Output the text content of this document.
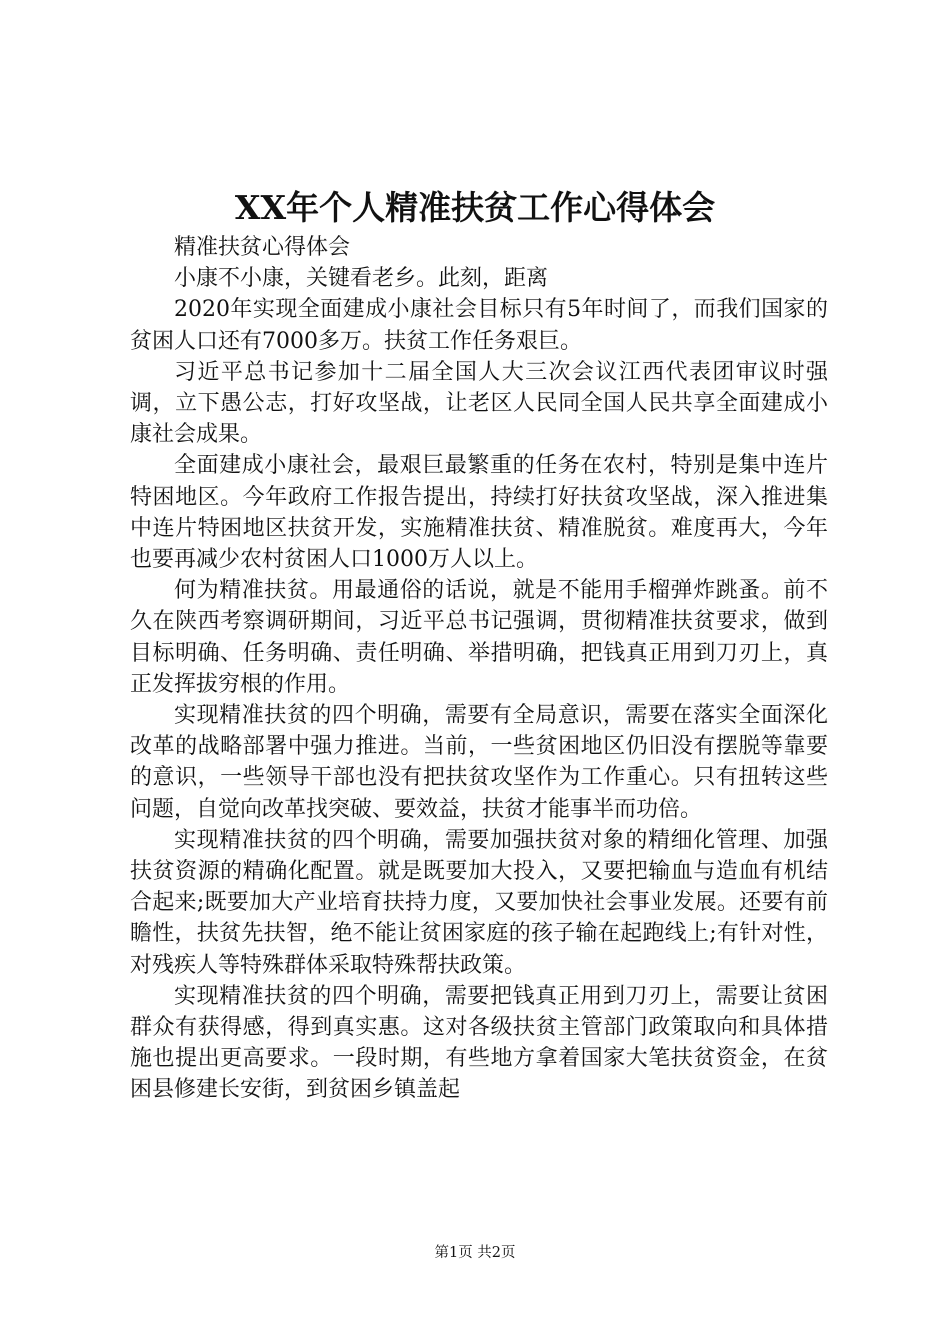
XX年个人精准扶贫工作心得体会

精准扶贫心得体会

小康不小康，关键看老乡。此刻，距离

2020年实现全面建成小康社会目标只有5年时间了，而我们国家的贫困人口还有7000多万。扶贫工作任务艰巨。

习近平总书记参加十二届全国人大三次会议江西代表团审议时强调，立下愚公志，打好攻坚战，让老区人民同全国人民共享全面建成小康社会成果。

全面建成小康社会，最艰巨最繁重的任务在农村，特别是集中连片特困地区。今年政府工作报告提出，持续打好扶贫攻坚战，深入推进集中连片特困地区扶贫开发，实施精准扶贫、精准脱贫。难度再大，今年也要再减少农村贫困人口1000万人以上。

何为精准扶贫。用最通俗的话说，就是不能用手榴弹炸跳蚤。前不久在陕西考察调研期间，习近平总书记强调，贯彻精准扶贫要求，做到目标明确、任务明确、责任明确、举措明确，把钱真正用到刀刃上，真正发挥拔穷根的作用。

实现精准扶贫的四个明确，需要有全局意识，需要在落实全面深化改革的战略部署中强力推进。当前，一些贫困地区仍旧没有摆脱等靠要的意识，一些领导干部也没有把扶贫攻坚作为工作重心。只有扭转这些问题，自觉向改革找突破、要效益，扶贫才能事半而功倍。

实现精准扶贫的四个明确，需要加强扶贫对象的精细化管理、加强扶贫资源的精确化配置。就是既要加大投入，又要把输血与造血有机结合起来;既要加大产业培育扶持力度，又要加快社会事业发展。还要有前瞻性，扶贫先扶智，绝不能让贫困家庭的孩子输在起跑线上;有针对性，对残疾人等特殊群体采取特殊帮扶政策。

实现精准扶贫的四个明确，需要把钱真正用到刀刃上，需要让贫困群众有获得感，得到真实惠。这对各级扶贫主管部门政策取向和具体措施也提出更高要求。一段时期，有些地方拿着国家大笔扶贫资金，在贫困县修建长安街，到贫困乡镇盖起

第1页 共2页
